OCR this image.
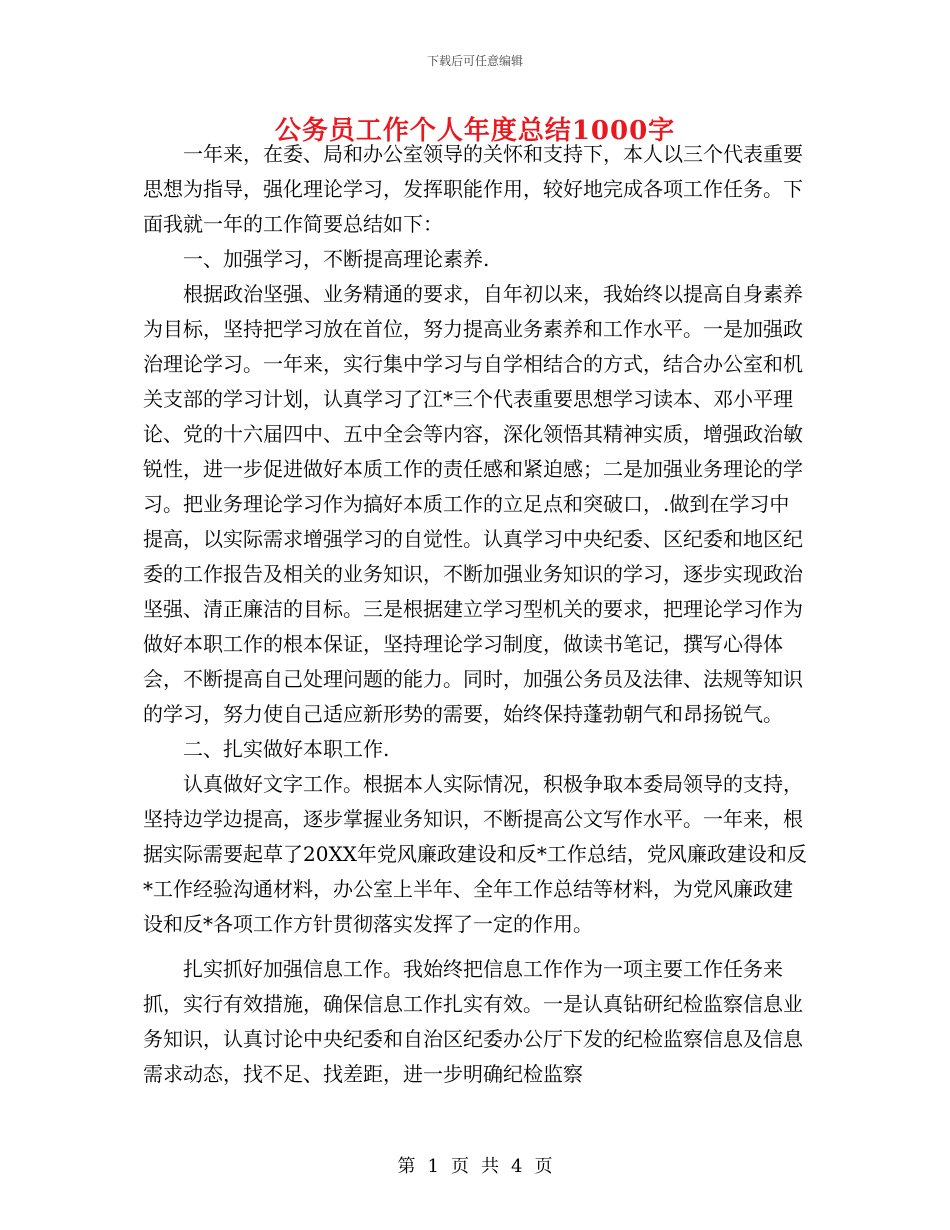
下载后可任意编辑
公务员工作个人年度总结1000字

一年来，在委、局和办公室领导的关怀和支持下，本人以三个代表重要思想为指导，强化理论学习，发挥职能作用，较好地完成各项工作任务。下面我就一年的工作简要总结如下：

一、加强学习，不断提高理论素养.

根据政治坚强、业务精通的要求，自年初以来，我始终以提高自身素养为目标，坚持把学习放在首位，努力提高业务素养和工作水平。一是加强政治理论学习。一年来，实行集中学习与自学相结合的方式，结合办公室和机关支部的学习计划，认真学习了江*三个代表重要思想学习读本、邓小平理论、党的十六届四中、五中全会等内容，深化领悟其精神实质，增强政治敏锐性，进一步促进做好本质工作的责任感和紧迫感；二是加强业务理论的学习。把业务理论学习作为搞好本质工作的立足点和突破口，.做到在学习中提高，以实际需求增强学习的自觉性。认真学习中央纪委、区纪委和地区纪委的工作报告及相关的业务知识，不断加强业务知识的学习，逐步实现政治坚强、清正廉洁的目标。三是根据建立学习型机关的要求，把理论学习作为做好本职工作的根本保证，坚持理论学习制度，做读书笔记，撰写心得体会，不断提高自己处理问题的能力。同时，加强公务员及法律、法规等知识的学习，努力使自己适应新形势的需要，始终保持蓬勃朝气和昂扬锐气。

二、扎实做好本职工作.

认真做好文字工作。根据本人实际情况，积极争取本委局领导的支持，坚持边学边提高，逐步掌握业务知识，不断提高公文写作水平。一年来，根据实际需要起草了20XX年党风廉政建设和反*工作总结，党风廉政建设和反*工作经验沟通材料，办公室上半年、全年工作总结等材料，为党风廉政建设和反*各项工作方针贯彻落实发挥了一定的作用。

扎实抓好加强信息工作。我始终把信息工作作为一项主要工作任务来抓，实行有效措施，确保信息工作扎实有效。一是认真钻研纪检监察信息业务知识，认真讨论中央纪委和自治区纪委办公厅下发的纪检监察信息及信息需求动态，找不足、找差距，进一步明确纪检监察

第 1 页 共 4 页
